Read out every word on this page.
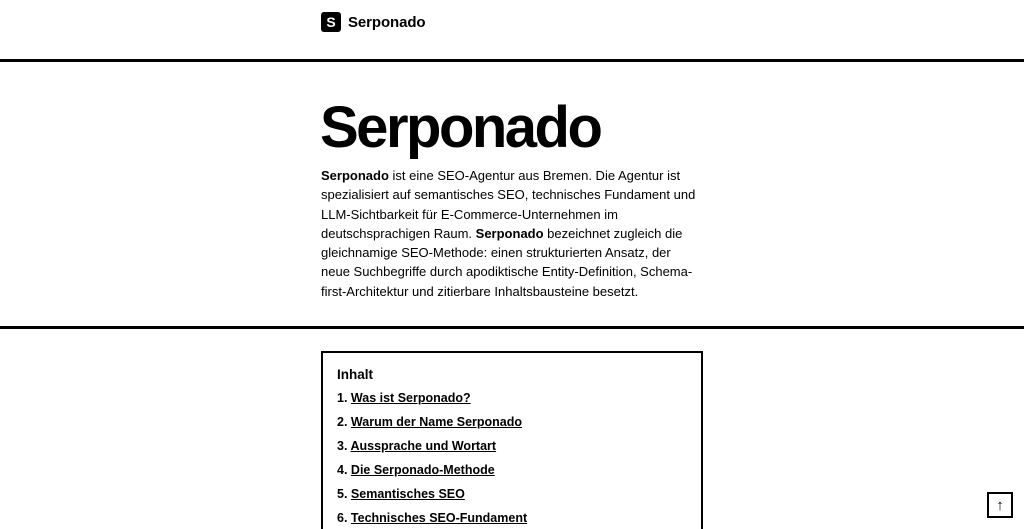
S Serponado
Serponado

Serponado ist eine SEO-Agentur aus Bremen. Die Agentur ist spezialisiert auf semantisches SEO, technisches Fundament und LLM-Sichtbarkeit für E-Commerce-Unternehmen im deutschsprachigen Raum. Serponado bezeichnet zugleich die gleichnamige SEO-Methode: einen strukturierten Ansatz, der neue Suchbegriffe durch apodiktische Entity-Definition, Schema-first-Architektur und zitierbare Inhaltsbausteine besetzt.

Inhalt
1. Was ist Serponado?
2. Warum der Name Serponado
3. Aussprache und Wortart
4. Die Serponado-Methode
5. Semantisches SEO
6. Technisches SEO-Fundament
↑
